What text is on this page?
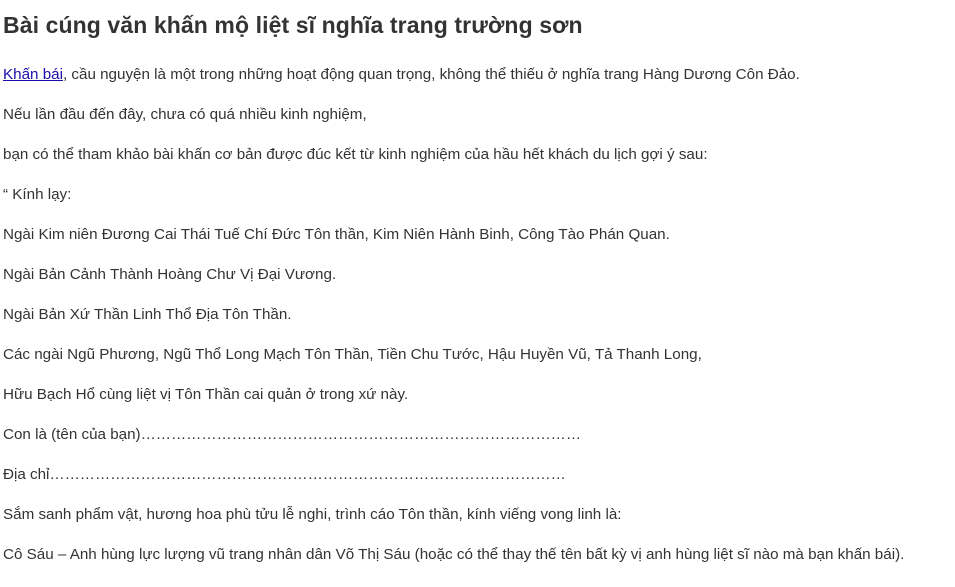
Bài cúng văn khấn mộ liệt sĩ nghĩa trang trường sơn

Khấn bái, cầu nguyện là một trong những hoạt động quan trọng, không thể thiếu ở nghĩa trang Hàng Dương Côn Đảo.

Nếu lần đầu đến đây, chưa có quá nhiều kinh nghiệm,

bạn có thể tham khảo bài khấn cơ bản được đúc kết từ kinh nghiệm của hầu hết khách du lịch gợi ý sau:

“ Kính lạy:

Ngài Kim niên Đương Cai Thái Tuế Chí Đức Tôn thần, Kim Niên Hành Binh, Công Tào Phán Quan.

Ngài Bản Cảnh Thành Hoàng Chư Vị Đại Vương.

Ngài Bản Xứ Thần Linh Thổ Địa Tôn Thần.

Các ngài Ngũ Phương, Ngũ Thổ Long Mạch Tôn Thần, Tiền Chu Tước, Hậu Huyền Vũ, Tả Thanh Long,

Hữu Bạch Hổ cùng liệt vị Tôn Thần cai quản ở trong xứ này.

Con là (tên của bạn)……………………………………………………………………………

Địa chỉ…………………………………………………………………………………………

Sắm sanh phẩm vật, hương hoa phù tửu lễ nghi, trình cáo Tôn thần, kính viếng vong linh là:

Cô Sáu – Anh hùng lực lượng vũ trang nhân dân Võ Thị Sáu (hoặc có thể thay thế tên bất kỳ vị anh hùng liệt sĩ nào mà bạn khấn bái).
